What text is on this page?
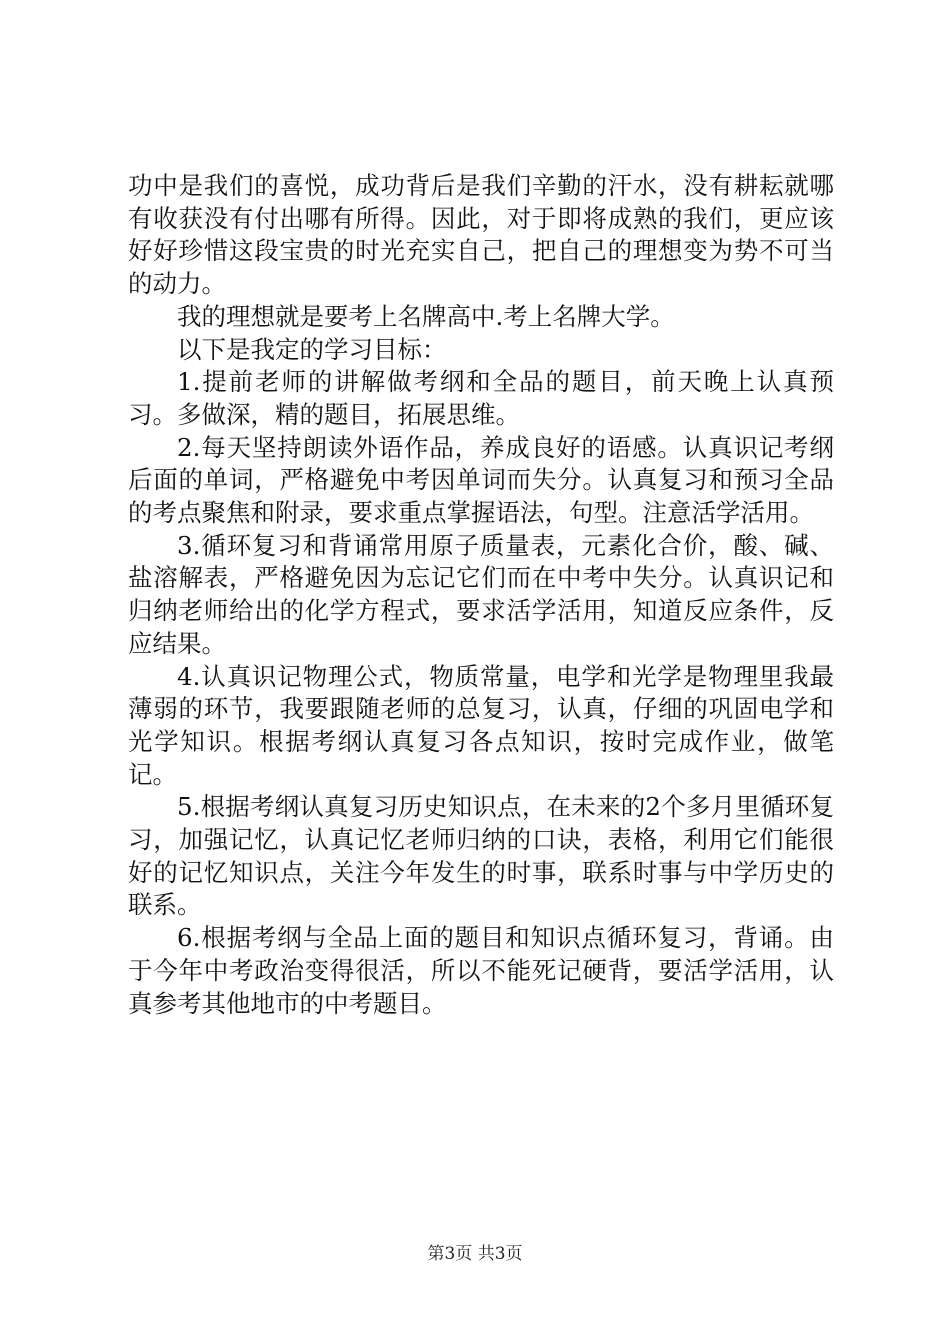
功中是我们的喜悦，成功背后是我们辛勤的汗水，没有耕耘就哪有收获没有付出哪有所得。因此，对于即将成熟的我们，更应该好好珍惜这段宝贵的时光充实自己，把自己的理想变为势不可当的动力。

我的理想就是要考上名牌高中.考上名牌大学。

以下是我定的学习目标：

1.提前老师的讲解做考纲和全品的题目，前天晚上认真预习。多做深，精的题目，拓展思维。

2.每天坚持朗读外语作品，养成良好的语感。认真识记考纲后面的单词，严格避免中考因单词而失分。认真复习和预习全品的考点聚焦和附录，要求重点掌握语法，句型。注意活学活用。

3.循环复习和背诵常用原子质量表，元素化合价，酸、碱、盐溶解表，严格避免因为忘记它们而在中考中失分。认真识记和归纳老师给出的化学方程式，要求活学活用，知道反应条件，反应结果。

4.认真识记物理公式，物质常量，电学和光学是物理里我最薄弱的环节，我要跟随老师的总复习，认真，仔细的巩固电学和光学知识。根据考纲认真复习各点知识，按时完成作业，做笔记。

5.根据考纲认真复习历史知识点，在未来的2个多月里循环复习，加强记忆，认真记忆老师归纳的口诀，表格，利用它们能很好的记忆知识点，关注今年发生的时事，联系时事与中学历史的联系。

6.根据考纲与全品上面的题目和知识点循环复习，背诵。由于今年中考政治变得很活，所以不能死记硬背，要活学活用，认真参考其他地市的中考题目。

第3页 共3页
